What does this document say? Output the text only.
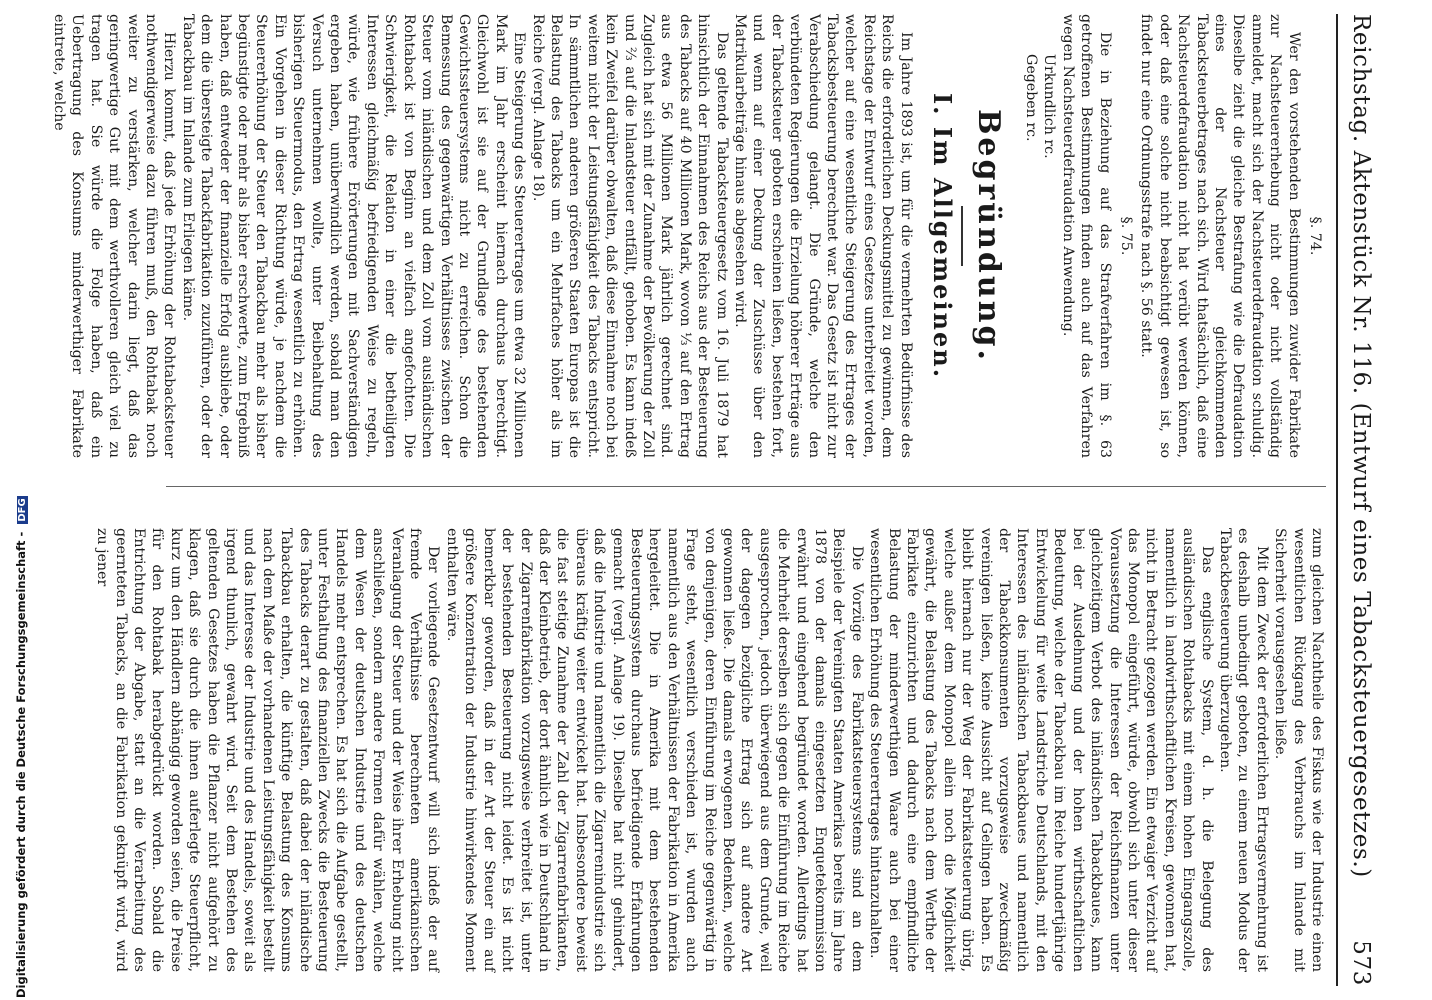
Reichstag. Aktenstück Nr. 116. (Entwurf eines Tabacksteuergesetzes.)
573
§. 74.

Wer den vorstehenden Bestimmungen zuwider Fabrikate zur Nachsteuererhebung nicht oder nicht vollständig anmeldet, macht sich der Nachsteuerdefraudation schuldig. Dieselbe zieht die gleiche Bestrafung wie die Defraudation eines der Nachsteuer gleichkommenden Tabacksteuerbetrages nach sich. Wird thatsächlich, daß eine Nachsteuerdefraudation nicht hat verübt werden können, oder daß eine solche nicht beabsichtigt gewesen ist, so findet nur eine Ordnungsstrafe nach §. 56 statt.

§. 75.

Die in Beziehung auf das Strafverfahren im §. 63 getroffenen Bestimmungen finden auch auf das Verfahren wegen Nachsteuerdefraudation Anwendung.

Urkundlich rc.
Gegeben rc.
Begründung.
I. Im Allgemeinen.

Im Jahre 1893 ist, um für die vermehrten Bedürfnisse des Reichs die erforderlichen Deckungsmittel zu gewinnen, dem Reichstage der Entwurf eines Gesetzes unterbreitet worden, welcher auf eine wesentliche Steigerung des Ertrages der Tabacksbesteuerung berechnet war. Das Gesetz ist nicht zur Verabschiedung gelangt. Die Gründe, welche den verbündeten Regierungen die Erzielung höherer Erträge aus der Tabacksteuer geboten erscheinen ließen, bestehen fort, und wenn auf einer Deckung der Zuschüsse über den Matrikularbeiträge hinaus abgesehen wird.

Das geltende Tabacksteuergesetz vom 16. Juli 1879 hat hinsichtlich der Einnahmen des Reichs aus der Besteuerung des Tabacks auf 40 Millionen Mark, wovon ⅓ auf den Ertrag aus etwa 56 Millionen Mark jährlich gerechnet sind. Zugleich hat sich mit der Zunahme der Bevölkerung der Zoll und ⅔ auf die Inlandsteuer entfällt, gehoben. Es kann indeß kein Zweifel darüber obwalten, daß diese Einnahme noch bei weitem nicht der Leistungsfähigkeit des Tabacks entspricht. In sämmtlichen anderen größeren Staaten Europas ist die Belastung des Tabacks um ein Mehrfaches höher als im Reiche (vergl. Anlage 18).

Eine Steigerung des Steuerertrages um etwa 32 Millionen Mark im Jahr erscheint hiernach durchaus berechtigt. Gleichwohl ist sie auf der Grundlage des bestehenden Gewichtssteuersystems nicht zu erreichen. Schon die Bemessung des gegenwärtigen Verhältnisses zwischen der Steuer vom inländischen und dem Zoll vom ausländischen Rohtaback ist von Beginn an vielfach angefochten. Die Schwierigkeit, die Relation in einer die betheiligten Interessen gleichmäßig befriedigenden Weise zu regeln, würde, wie frühere Erörterungen mit Sachverständigen ergeben haben, unüberwindlich werden, sobald man den Versuch unternehmen wollte, unter Beibehaltung des bisherigen Steuermodus, den Ertrag wesentlich zu erhöhen. Ein Vorgehen in dieser Richtung würde, je nachdem die Steuererhöhung der Steuer den Tabackbau mehr als bisher begünstigte oder mehr als bisher erschwerte, zum Ergebniß haben, daß entweder der finanzielle Erfolg ausbliebe, oder dem die übersteigte Tabackfabrikation zuzuführen, oder der Tabackbau im Inlande zum Erliegen käme.

Hierzu kommt, daß jede Erhöhung der Rohtabacksteuer nothwendigerweise dazu führen muß, den Rohtabak noch weiter zu verstärken, welcher darin liegt, daß das geringwertige Gut mit dem werthvolleren gleich viel zu tragen hat. Sie würde die Folge haben, daß ein Uebertragung des Konsums minderwerthiger Fabrikate eintrete, welche

zum gleichen Nachtheile des Fiskus wie der Industrie einen wesentlichen Rückgang des Verbrauchs im Inlande mit Sicherheit vorausgesehen ließe.

Mit dem Zweck der erforderlichen Ertragsvermehrung ist es deshalb unbedingt geboten, zu einem neuen Modus der Tabackbesteuerung überzugehen.

Das englische System, d. h. die Belegung des ausländischen Rohtabacks mit einem hohen Eingangszolle, namentlich in landwirthschaftlichen Kreisen, gewonnen hat, nicht in Betracht gezogen werden. Ein etwaiger Verzicht auf das Monopol eingeführt, würde, obwohl sich unter dieser Voraussetzung die Interessen der Reichsfinanzen unter gleichzeitigem Verbot des inländischen Tabackbaues, kann bei der Ausdehnung und der hohen wirthschaftlichen Bedeutung, welche der Tabackbau im Reiche hundertjährige Entwickelung für weite Landstriche Deutschlands, mit den Interessen des inländischen Tabackbaues und namentlich der Tabackkonsumenten vorzugsweise zweckmäßig vereinigen ließen, keine Aussicht auf Gelingen haben. Es bleibt hiernach nur der Weg der Fabrikatsteuerung übrig, welche außer dem Monopol allein noch die Möglichkeit gewährt, die Belastung des Tabacks nach dem Werthe der Fabrikate einzurichten und dadurch eine empfindliche Belastung der minderwerthigen Waare auch bei einer wesentlichen Erhöhung des Steuerertrages hintanzuhalten.

Die Vorzüge des Fabrikatsteuersystems sind an dem Beispiele der Vereinigten Staaten Amerikas bereits im Jahre 1878 von der damals eingesetzten Enquetekommission erwähnt und eingehend begründet worden. Allerdings hat die Mehrheit derselben sich gegen die Einführung im Reiche ausgesprochen, jedoch überwiegend aus dem Grunde, weil der dagegen bezügliche Ertrag sich auf andere Art gewonnen ließe. Die damals erwogenen Bedenken, welche von denjenigen, deren Einführung im Reiche gegenwärtig in Frage steht, wesentlich verschieden ist, wurden auch namentlich aus den Verhältnissen der Fabrikation in Amerika hergeleitet. Die in Amerika mit dem bestehenden Besteuerungssystem durchaus befriedigende Erfahrungen gemacht (vergl. Anlage 19). Dieselbe hat nicht gehindert, daß die Industrie und namentlich die Zigarrenindustrie sich überaus kräftig weiter entwickelt hat. Insbesondere beweist die fast stetige Zunahme der Zahl der Zigarrenfabrikanten, daß der Kleinbetrieb, der dort ähnlich wie in Deutschland in der Zigarrenfabrikation vorzugsweise verbreitet ist, unter der bestehenden Besteuerung nicht leidet. Es ist nicht bemerkbar geworden, daß in der Art der Steuer ein auf größere Konzentration der Industrie hinwirkendes Moment enthalten wäre.

Der vorliegende Gesetzentwurf will sich indeß der auf fremde Verhältnisse berechneten amerikanischen Veranlagung der Steuer und der Weise ihrer Erhebung nicht anschließen, sondern andere Formen dafür wählen, welche dem Wesen der deutschen Industrie und des deutschen Handels mehr entsprechen. Es hat sich die Aufgabe gestellt, unter Festhaltung des finanziellen Zwecks die Besteuerung des Tabacks derart zu gestalten, daß dabei der inländische Tabackbau erhalten, die künftige Belastung des Konsums nach dem Maße der vorhandenen Leistungsfähigkeit bestellt und das Interesse der Industrie und des Handels, soweit als irgend thunlich, gewahrt wird. Seit dem Bestehen des geltenden Gesetzes haben die Pflanzer nicht aufgehört zu klagen, daß sie durch die ihnen auferlegte Steuerpflicht, kurz um den Händlern abhängig geworden seien, die Preise für den Rohtabak herabgedrückt worden. Sobald die Entrichtung der Abgabe, statt an die Verarbeitung des geernteten Tabacks, an die Fabrikation geknüpft wird, wird zu jener

Digitalisierung gefördert durch die Deutsche Forschungsgemeinschaft - DFG
